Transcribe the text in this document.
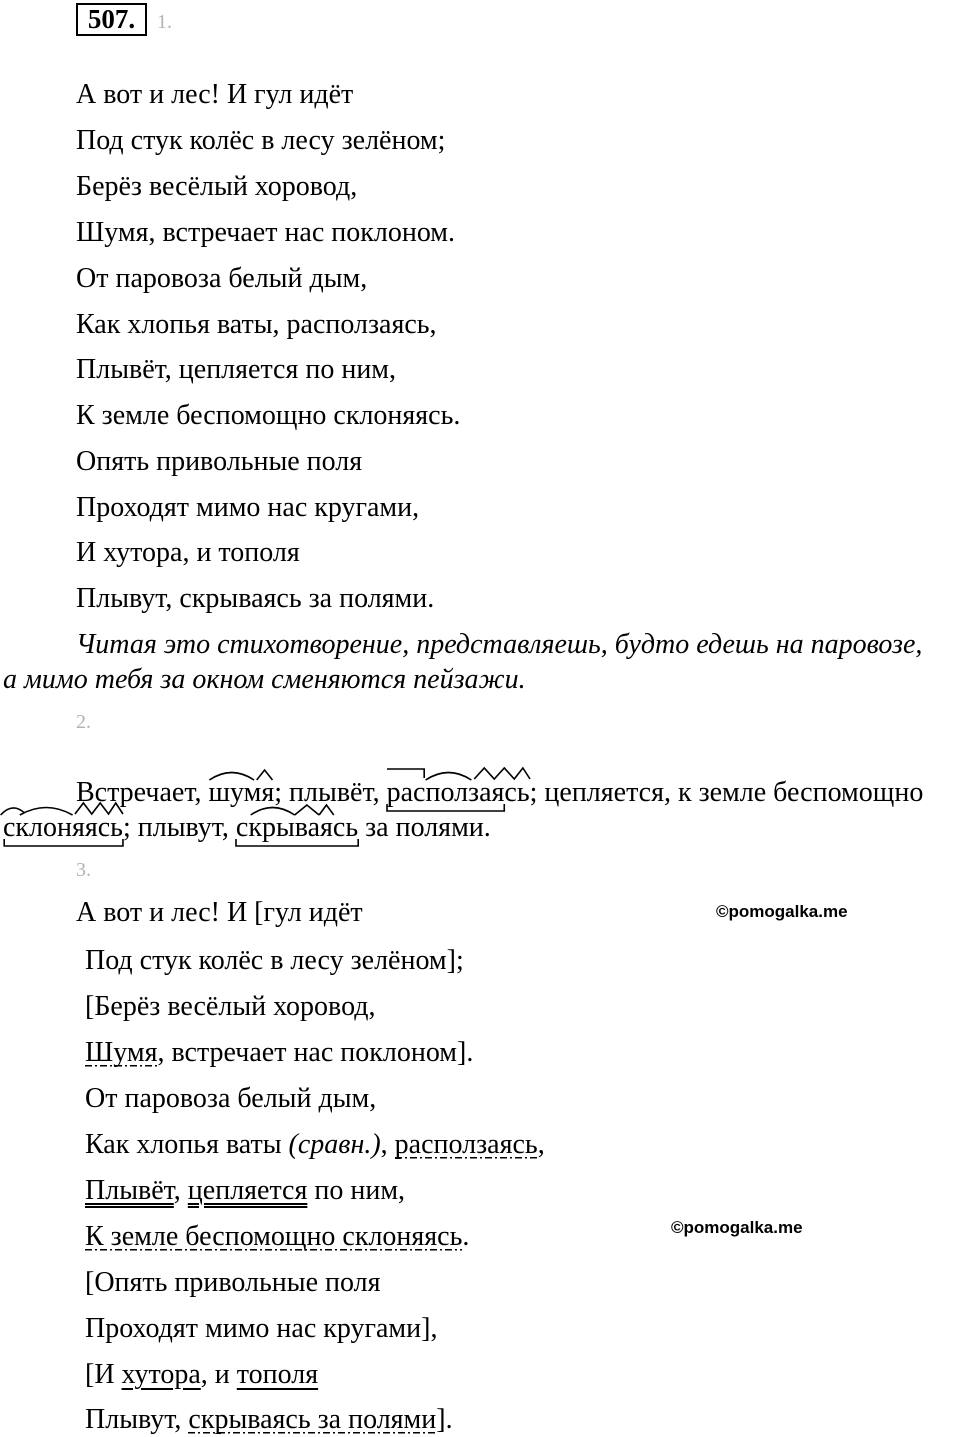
507.	1.
А вот и лес! И гул идёт
Под стук колёс в лесу зелёном;
Берёз весёлый хоровод,
Шумя, встречает нас поклоном.
От паровоза белый дым,
Как хлопья ваты, расползаясь,
Плывёт, цепляется по ним,
К земле беспомощно склоняясь.
Опять привольные поля
Проходят мимо нас кругами,
И хутора, и тополя
Плывут, скрываясь за полями.
Читая это стихотворение, представляешь, будто едешь на паровозе,
а мимо тебя за окном сменяются пейзажи.
2.
Встречает,
шумя; плывёт,
расползаясь
; цепляется, к земле беспомощно
склоняясь
; плывут,
скрываясь
за полями.
3.
А вот и лес! И [гул идёт
Под стук колёс в лесу зелёном];
[Берёз весёлый хоровод,
Шумя, встречает нас поклоном].
От паровоза белый дым,
Как хлопья ваты (сравн.), расползаясь,
Плывёт, цепляется по ним,
К земле беспомощно склоняясь.
[Опять привольные поля
Проходят мимо нас кругами],
[И хутора, и тополя
Плывут, скрываясь за полями].
©pomogalka.me
©pomogalka.me
